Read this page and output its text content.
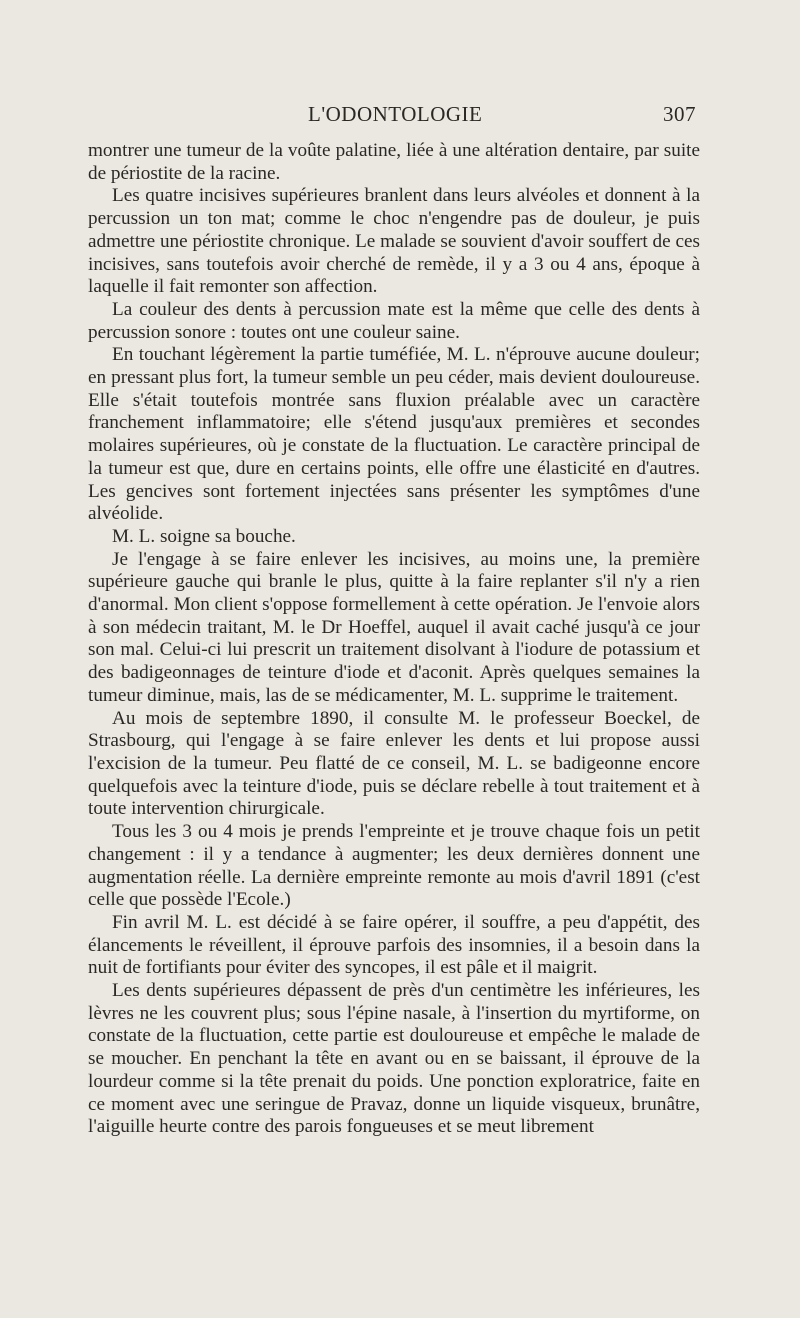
L'ODONTOLOGIE	307

montrer une tumeur de la voûte palatine, liée à une altération dentaire, par suite de périostite de la racine.

Les quatre incisives supérieures branlent dans leurs alvéoles et donnent à la percussion un ton mat; comme le choc n'engendre pas de douleur, je puis admettre une périostite chronique. Le malade se souvient d'avoir souffert de ces incisives, sans toutefois avoir cherché de remède, il y a 3 ou 4 ans, époque à laquelle il fait remonter son affection.

La couleur des dents à percussion mate est la même que celle des dents à percussion sonore : toutes ont une couleur saine.

En touchant légèrement la partie tuméfiée, M. L. n'éprouve aucune douleur; en pressant plus fort, la tumeur semble un peu céder, mais devient douloureuse. Elle s'était toutefois montrée sans fluxion préalable avec un caractère franchement inflammatoire; elle s'étend jusqu'aux premières et secondes molaires supérieures, où je constate de la fluctuation. Le caractère principal de la tumeur est que, dure en certains points, elle offre une élasticité en d'autres. Les gencives sont fortement injectées sans présenter les symptômes d'une alvéolide.

M. L. soigne sa bouche.

Je l'engage à se faire enlever les incisives, au moins une, la première supérieure gauche qui branle le plus, quitte à la faire replanter s'il n'y a rien d'anormal. Mon client s'oppose formellement à cette opération. Je l'envoie alors à son médecin traitant, M. le Dr Hoeffel, auquel il avait caché jusqu'à ce jour son mal. Celui-ci lui prescrit un traitement disolvant à l'iodure de potassium et des badigeonnages de teinture d'iode et d'aconit. Après quelques semaines la tumeur diminue, mais, las de se médicamenter, M. L. supprime le traitement.

Au mois de septembre 1890, il consulte M. le professeur Boeckel, de Strasbourg, qui l'engage à se faire enlever les dents et lui propose aussi l'excision de la tumeur. Peu flatté de ce conseil, M. L. se badigeonne encore quelquefois avec la teinture d'iode, puis se déclare rebelle à tout traitement et à toute intervention chirurgicale.

Tous les 3 ou 4 mois je prends l'empreinte et je trouve chaque fois un petit changement : il y a tendance à augmenter; les deux dernières donnent une augmentation réelle. La dernière empreinte remonte au mois d'avril 1891 (c'est celle que possède l'Ecole.)

Fin avril M. L. est décidé à se faire opérer, il souffre, a peu d'appétit, des élancements le réveillent, il éprouve parfois des insomnies, il a besoin dans la nuit de fortifiants pour éviter des syncopes, il est pâle et il maigrit.

Les dents supérieures dépassent de près d'un centimètre les inférieures, les lèvres ne les couvrent plus; sous l'épine nasale, à l'insertion du myrtiforme, on constate de la fluctuation, cette partie est douloureuse et empêche le malade de se moucher. En penchant la tête en avant ou en se baissant, il éprouve de la lourdeur comme si la tête prenait du poids. Une ponction exploratrice, faite en ce moment avec une seringue de Pravaz, donne un liquide visqueux, brunâtre, l'aiguille heurte contre des parois fongueuses et se meut librement
